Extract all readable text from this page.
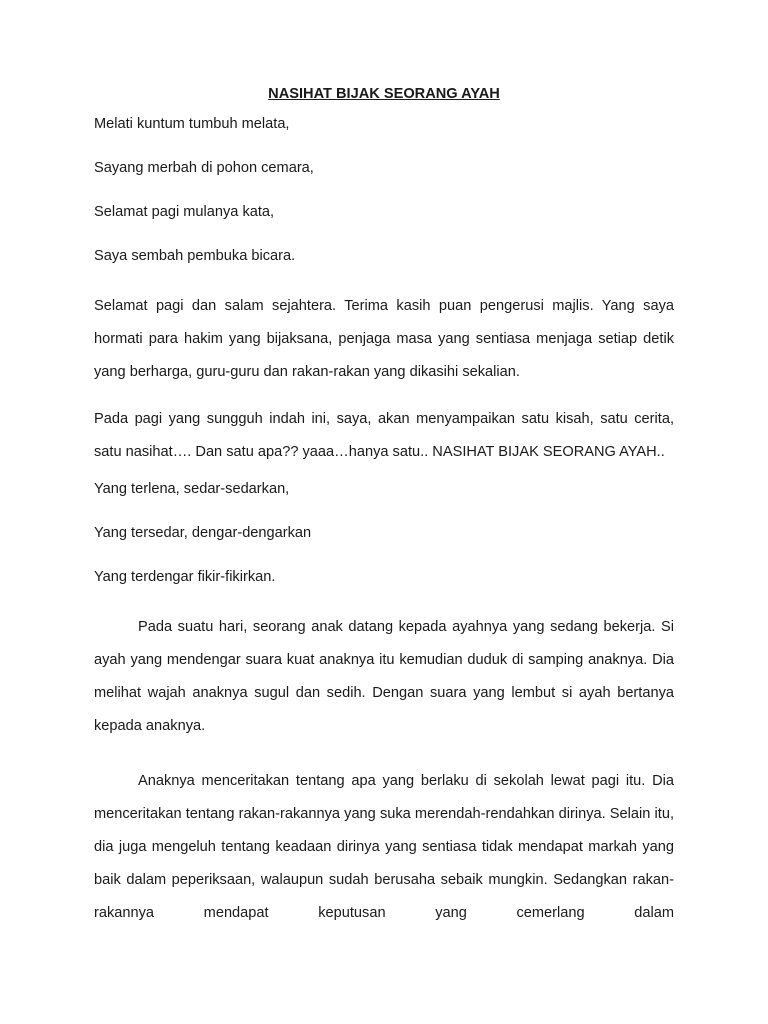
NASIHAT BIJAK SEORANG AYAH
Melati kuntum tumbuh melata,
Sayang merbah di pohon cemara,
Selamat pagi mulanya kata,
Saya sembah pembuka bicara.
Selamat pagi dan salam sejahtera. Terima kasih puan pengerusi majlis. Yang saya hormati para hakim yang bijaksana, penjaga masa yang sentiasa menjaga setiap detik yang berharga, guru-guru dan rakan-rakan yang dikasihi sekalian.
Pada pagi yang sungguh indah ini, saya, akan menyampaikan satu kisah, satu cerita, satu nasihat…. Dan satu apa?? yaaa…hanya satu.. NASIHAT BIJAK SEORANG AYAH..
Yang terlena, sedar-sedarkan,
Yang tersedar, dengar-dengarkan
Yang terdengar fikir-fikirkan.
Pada suatu hari, seorang anak datang kepada ayahnya yang sedang bekerja. Si ayah yang mendengar suara kuat anaknya itu kemudian duduk di samping anaknya. Dia melihat wajah anaknya sugul dan sedih. Dengan suara yang lembut si ayah bertanya kepada anaknya.
Anaknya menceritakan tentang apa yang berlaku di sekolah lewat pagi itu. Dia menceritakan tentang rakan-rakannya yang suka merendah-rendahkan dirinya. Selain itu, dia juga mengeluh tentang keadaan dirinya yang sentiasa tidak mendapat markah yang baik dalam peperiksaan, walaupun sudah berusaha sebaik mungkin. Sedangkan rakan-rakannya mendapat keputusan yang cemerlang dalam
